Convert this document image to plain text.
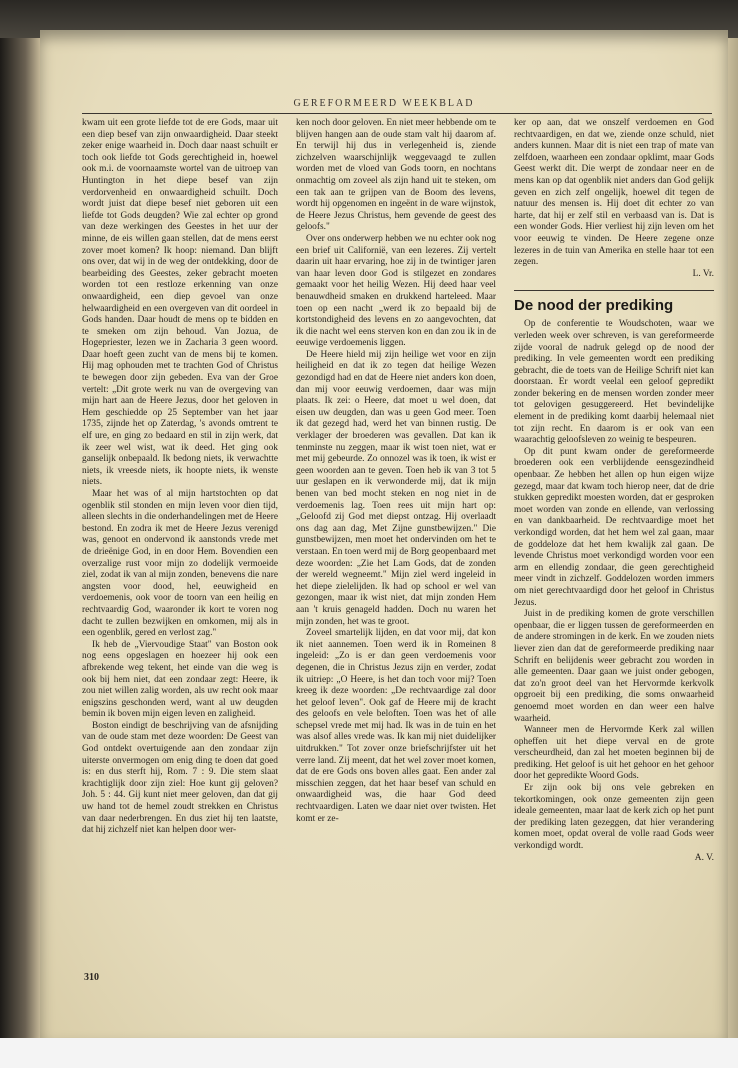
GEREFORMEERD WEEKBLAD

kwam uit een grote liefde tot de ere Gods, maar uit een diep besef van zijn onwaardigheid. Daar steekt zeker enige waarheid in. Doch daar naast schuilt er toch ook liefde tot Gods gerechtigheid in, hoewel ook m.i. de voornaamste wortel van de uitroep van Huntington in het diepe besef van zijn verdorvenheid en onwaardigheid schuilt. Doch wordt juist dat diepe besef niet geboren uit een liefde tot Gods deugden? Wie zal echter op grond van deze werkingen des Geestes in het uur der minne, de eis willen gaan stellen, dat de mens eerst zover moet komen? Ik hoop: niemand. Dan blijft ons over, dat wij in de weg der ontdekking, door de bearbeiding des Geestes, zeker gebracht moeten worden tot een restloze erkenning van onze onwaardigheid, een diep gevoel van onze helwaardigheid en een overgeven van dit oordeel in Gods handen. Daar houdt de mens op te bidden en te smeken om zijn behoud. Van Jozua, de Hogepriester, lezen we in Zacharia 3 geen woord. Daar hoeft geen zucht van de mens bij te komen. Hij mag ophouden met te trachten God of Christus te bewegen door zijn gebeden. Eva van der Groe vertelt: „Dit grote werk nu van de overgeving van mijn hart aan de Heere Jezus, door het geloven in Hem geschiedde op 25 September van het jaar 1735, zijnde het op Zaterdag, 's avonds omtrent te elf ure, en ging zo bedaard en stil in zijn werk, dat ik zeer wel wist, wat ik deed. Het ging ook ganselijk onbepaald. Ik bedong niets, ik verwachtte niets, ik vreesde niets, ik hoopte niets, ik wenste niets.

Maar het was of al mijn hartstochten op dat ogenblik stil stonden en mijn leven voor dien tijd, alleen slechts in die onderhandelingen met de Heere bestond. En zodra ik met de Heere Jezus verenigd was, genoot en ondervond ik aanstonds vrede met de drieënige God, in en door Hem. Bovendien een overzalige rust voor mijn zo dodelijk vermoeide ziel, zodat ik van al mijn zonden, benevens die nare angsten voor dood, hel, eeuwigheid en verdoemenis, ook voor de toorn van een heilig en rechtvaardig God, waaronder ik kort te voren nog dacht te zullen bezwijken en omkomen, mij als in een ogenblik, gered en verlost zag."

Ik heb de „Viervoudige Staat" van Boston ook nog eens opgeslagen en hoezeer hij ook een afbrekende weg tekent, het einde van die weg is ook bij hem niet, dat een zondaar zegt: Heere, ik zou niet willen zalig worden, als uw recht ook maar enigszins geschonden werd, want al uw deugden bemin ik boven mijn eigen leven en zaligheid.

Boston eindigt de beschrijving van de afsnijding van de oude stam met deze woorden: De Geest van God ontdekt overtuigende aan den zondaar zijn uiterste onvermogen om enig ding te doen dat goed is: en dus sterft hij, Rom. 7 : 9. Die stem slaat krachtiglijk door zijn ziel: Hoe kunt gij geloven? Joh. 5 : 44. Gij kunt niet meer geloven, dan dat gij uw hand tot de hemel zoudt strekken en Christus van daar nederbrengen. En dus ziet hij ten laatste, dat hij zichzelf niet kan helpen door wer-

ken noch door geloven. En niet meer hebbende om te blijven hangen aan de oude stam valt hij daarom af. En terwijl hij dus in verlegenheid is, ziende zichzelven waarschijnlijk weggevaagd te zullen worden met de vloed van Gods toorn, en nochtans onmachtig om zoveel als zijn hand uit te steken, om een tak aan te grijpen van de Boom des levens, wordt hij opgenomen en ingeënt in de ware wijnstok, de Heere Jezus Christus, hem gevende de geest des geloofs."

Over ons onderwerp hebben we nu echter ook nog een brief uit Californië, van een lezeres. Zij vertelt daarin uit haar ervaring, hoe zij in de twintiger jaren van haar leven door God is stilgezet en zondares gemaakt voor het heilig Wezen. Hij deed haar veel benauwdheid smaken en drukkend harteleed. Maar toen op een nacht „werd ik zo bepaald bij de kortstondigheid des levens en zo aangevochten, dat ik die nacht wel eens sterven kon en dan zou ik in de eeuwige verdoemenis liggen.

De Heere hield mij zijn heilige wet voor en zijn heiligheid en dat ik zo tegen dat heilige Wezen gezondigd had en dat de Heere niet anders kon doen, dan mij voor eeuwig verdoemen, daar was mijn plaats. Ik zei: o Heere, dat moet u wel doen, dat eisen uw deugden, dan was u geen God meer. Toen ik dat gezegd had, werd het van binnen rustig. De verklager der broederen was gevallen. Dat kan ik tenminste nu zeggen, maar ik wist toen niet, wat er met mij gebeurde. Zo onnozel was ik toen, ik wist er geen woorden aan te geven. Toen heb ik van 3 tot 5 uur geslapen en ik verwonderde mij, dat ik mijn benen van bed mocht steken en nog niet in de verdoemenis lag. Toen rees uit mijn hart op: „Geloofd zij God met diepst ontzag. Hij overlaadt ons dag aan dag, Met Zijne gunstbewijzen." Die gunstbewijzen, men moet het ondervinden om het te verstaan. En toen werd mij de Borg geopenbaard met deze woorden: „Zie het Lam Gods, dat de zonden der wereld wegneemt." Mijn ziel werd ingeleid in het diepe zielelijden. Ik had op school er wel van gezongen, maar ik wist niet, dat mijn zonden Hem aan 't kruis genageld hadden. Doch nu waren het mijn zonden, het was te groot.

Zoveel smartelijk lijden, en dat voor mij, dat kon ik niet aannemen. Toen werd ik in Romeinen 8 ingeleid: „Zo is er dan geen verdoemenis voor degenen, die in Christus Jezus zijn en verder, zodat ik uitriep: „O Heere, is het dan toch voor mij? Toen kreeg ik deze woorden: „De rechtvaardige zal door het geloof leven". Ook gaf de Heere mij de kracht des geloofs en vele beloften. Toen was het of alle schepsel vrede met mij had. Ik was in de tuin en het was alsof alles vrede was. Ik kan mij niet duidelijker uitdrukken." Tot zover onze briefschrijfster uit het verre land. Zij meent, dat het wel zover moet komen, dat de ere Gods ons boven alles gaat. Een ander zal misschien zeggen, dat het haar besef van schuld en onwaardigheid was, die haar God deed rechtvaardigen. Laten we daar niet over twisten. Het komt er ze-

ker op aan, dat we onszelf verdoemen en God rechtvaardigen, en dat we, ziende onze schuld, niet anders kunnen. Maar dit is niet een trap of mate van zelfdoen, waarheen een zondaar opklimt, maar Gods Geest werkt dit. Die werpt de zondaar neer en de mens kan op dat ogenblik niet anders dan God gelijk geven en zich zelf ongelijk, hoewel dit tegen de natuur des mensen is. Hij doet dit echter zo van harte, dat hij er zelf stil en verbaasd van is. Dat is een wonder Gods. Hier verliest hij zijn leven om het voor eeuwig te vinden. De Heere zegene onze lezeres in de tuin van Amerika en stelle haar tot een zegen.

L. Vr.

De nood der prediking

Op de conferentie te Woudschoten, waar we verleden week over schreven, is van gereformeerde zijde vooral de nadruk gelegd op de nood der prediking. In vele gemeenten wordt een prediking gebracht, die de toets van de Heilige Schrift niet kan doorstaan. Er wordt veelal een geloof gepredikt zonder bekering en de mensen worden zonder meer tot gelovigen gesuggereerd. Het bevindelijke element in de prediking komt daarbij helemaal niet tot zijn recht. En daarom is er ook van een waarachtig geloofsleven zo weinig te bespeuren.

Op dit punt kwam onder de gereformeerde broederen ook een verblijdende eensgezindheid openbaar. Ze hebben het allen op hun eigen wijze gezegd, maar dat kwam toch hierop neer, dat de drie stukken gepredikt moesten worden, dat er gesproken moet worden van zonde en ellende, van verlossing en van dankbaarheid. De rechtvaardige moet het verkondigd worden, dat het hem wel zal gaan, maar de goddeloze dat het hem kwalijk zal gaan. De levende Christus moet verkondigd worden voor een arm en ellendig zondaar, die geen gerechtigheid meer vindt in zichzelf. Goddelozen worden immers om niet gerechtvaardigd door het geloof in Christus Jezus.

Juist in de prediking komen de grote verschillen openbaar, die er liggen tussen de gereformeerden en de andere stromingen in de kerk. En we zouden niets liever zien dan dat de gereformeerde prediking naar Schrift en belijdenis weer gebracht zou worden in alle gemeenten. Daar gaan we juist onder gebogen, dat zo'n groot deel van het Hervormde kerkvolk opgroeit bij een prediking, die soms onwaarheid genoemd moet worden en dan weer een halve waarheid.

Wanneer men de Hervormde Kerk zal willen opheffen uit het diepe verval en de grote verscheurdheid, dan zal het moeten beginnen bij de prediking. Het geloof is uit het gehoor en het gehoor door het gepredikte Woord Gods.

Er zijn ook bij ons vele gebreken en tekortkomingen, ook onze gemeenten zijn geen ideale gemeenten, maar laat de kerk zich op het punt der prediking laten gezeggen, dat hier verandering komen moet, opdat overal de volle raad Gods weer verkondigd wordt.

A. V.

310
